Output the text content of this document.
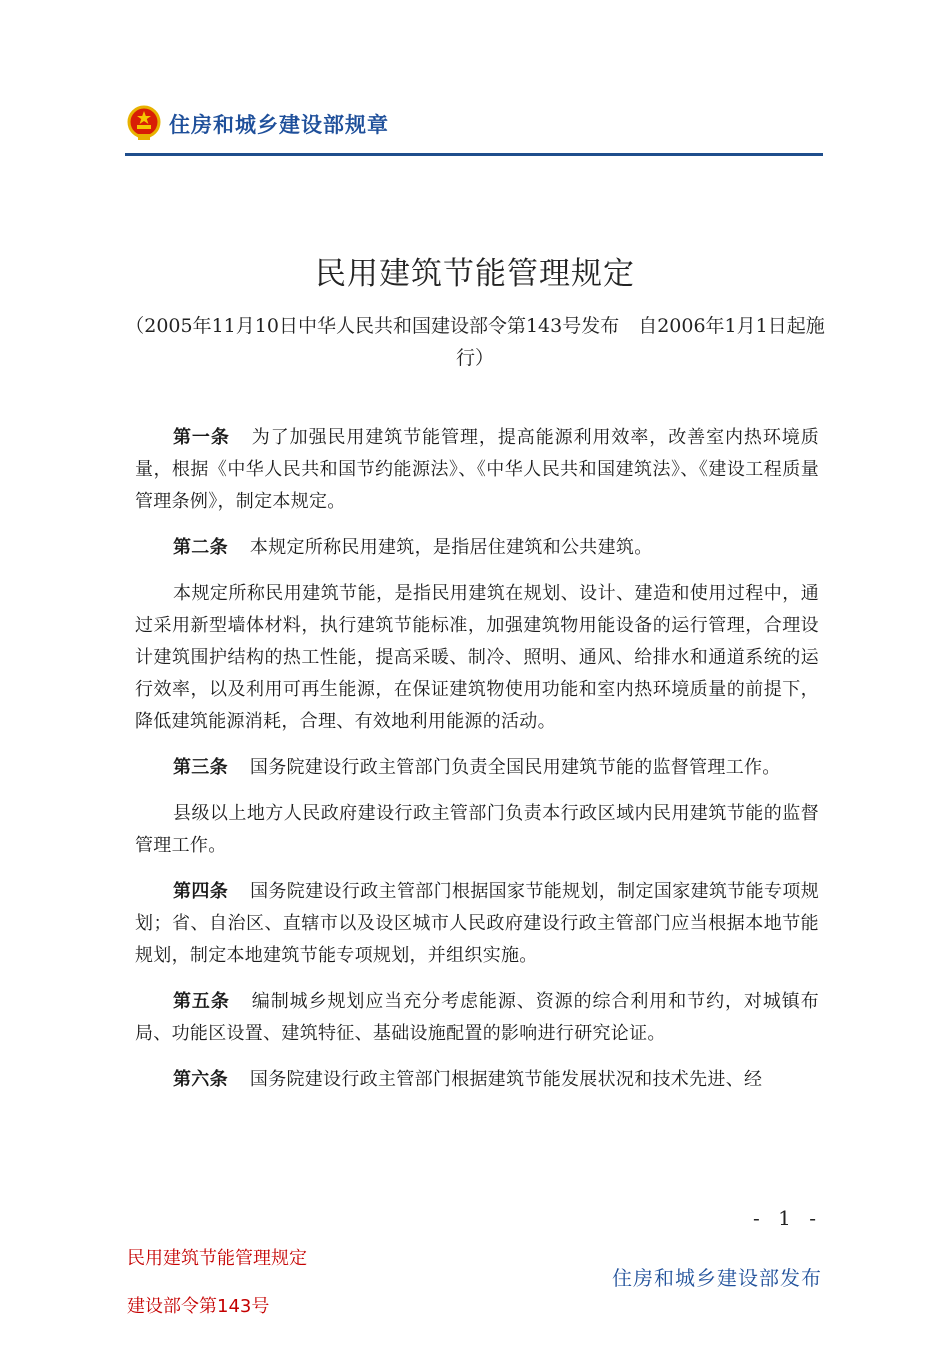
住房和城乡建设部规章
民用建筑节能管理规定
（2005年11月10日中华人民共和国建设部令第143号发布　自2006年1月1日起施行）

第一条 为了加强民用建筑节能管理，提高能源利用效率，改善室内热环境质量，根据《中华人民共和国节约能源法》、《中华人民共和国建筑法》、《建设工程质量管理条例》，制定本规定。

第二条 本规定所称民用建筑，是指居住建筑和公共建筑。

本规定所称民用建筑节能，是指民用建筑在规划、设计、建造和使用过程中，通过采用新型墙体材料，执行建筑节能标准，加强建筑物用能设备的运行管理，合理设计建筑围护结构的热工性能，提高采暖、制冷、照明、通风、给排水和通道系统的运行效率，以及利用可再生能源，在保证建筑物使用功能和室内热环境质量的前提下，降低建筑能源消耗，合理、有效地利用能源的活动。

第三条 国务院建设行政主管部门负责全国民用建筑节能的监督管理工作。

县级以上地方人民政府建设行政主管部门负责本行政区域内民用建筑节能的监督管理工作。

第四条 国务院建设行政主管部门根据国家节能规划，制定国家建筑节能专项规划；省、自治区、直辖市以及设区城市人民政府建设行政主管部门应当根据本地节能规划，制定本地建筑节能专项规划，并组织实施。

第五条 编制城乡规划应当充分考虑能源、资源的综合利用和节约，对城镇布局、功能区设置、建筑特征、基础设施配置的影响进行研究论证。

第六条 国务院建设行政主管部门根据建筑节能发展状况和技术先进、经

- 1 -
民用建筑节能管理规定
建设部令第143号
住房和城乡建设部发布
